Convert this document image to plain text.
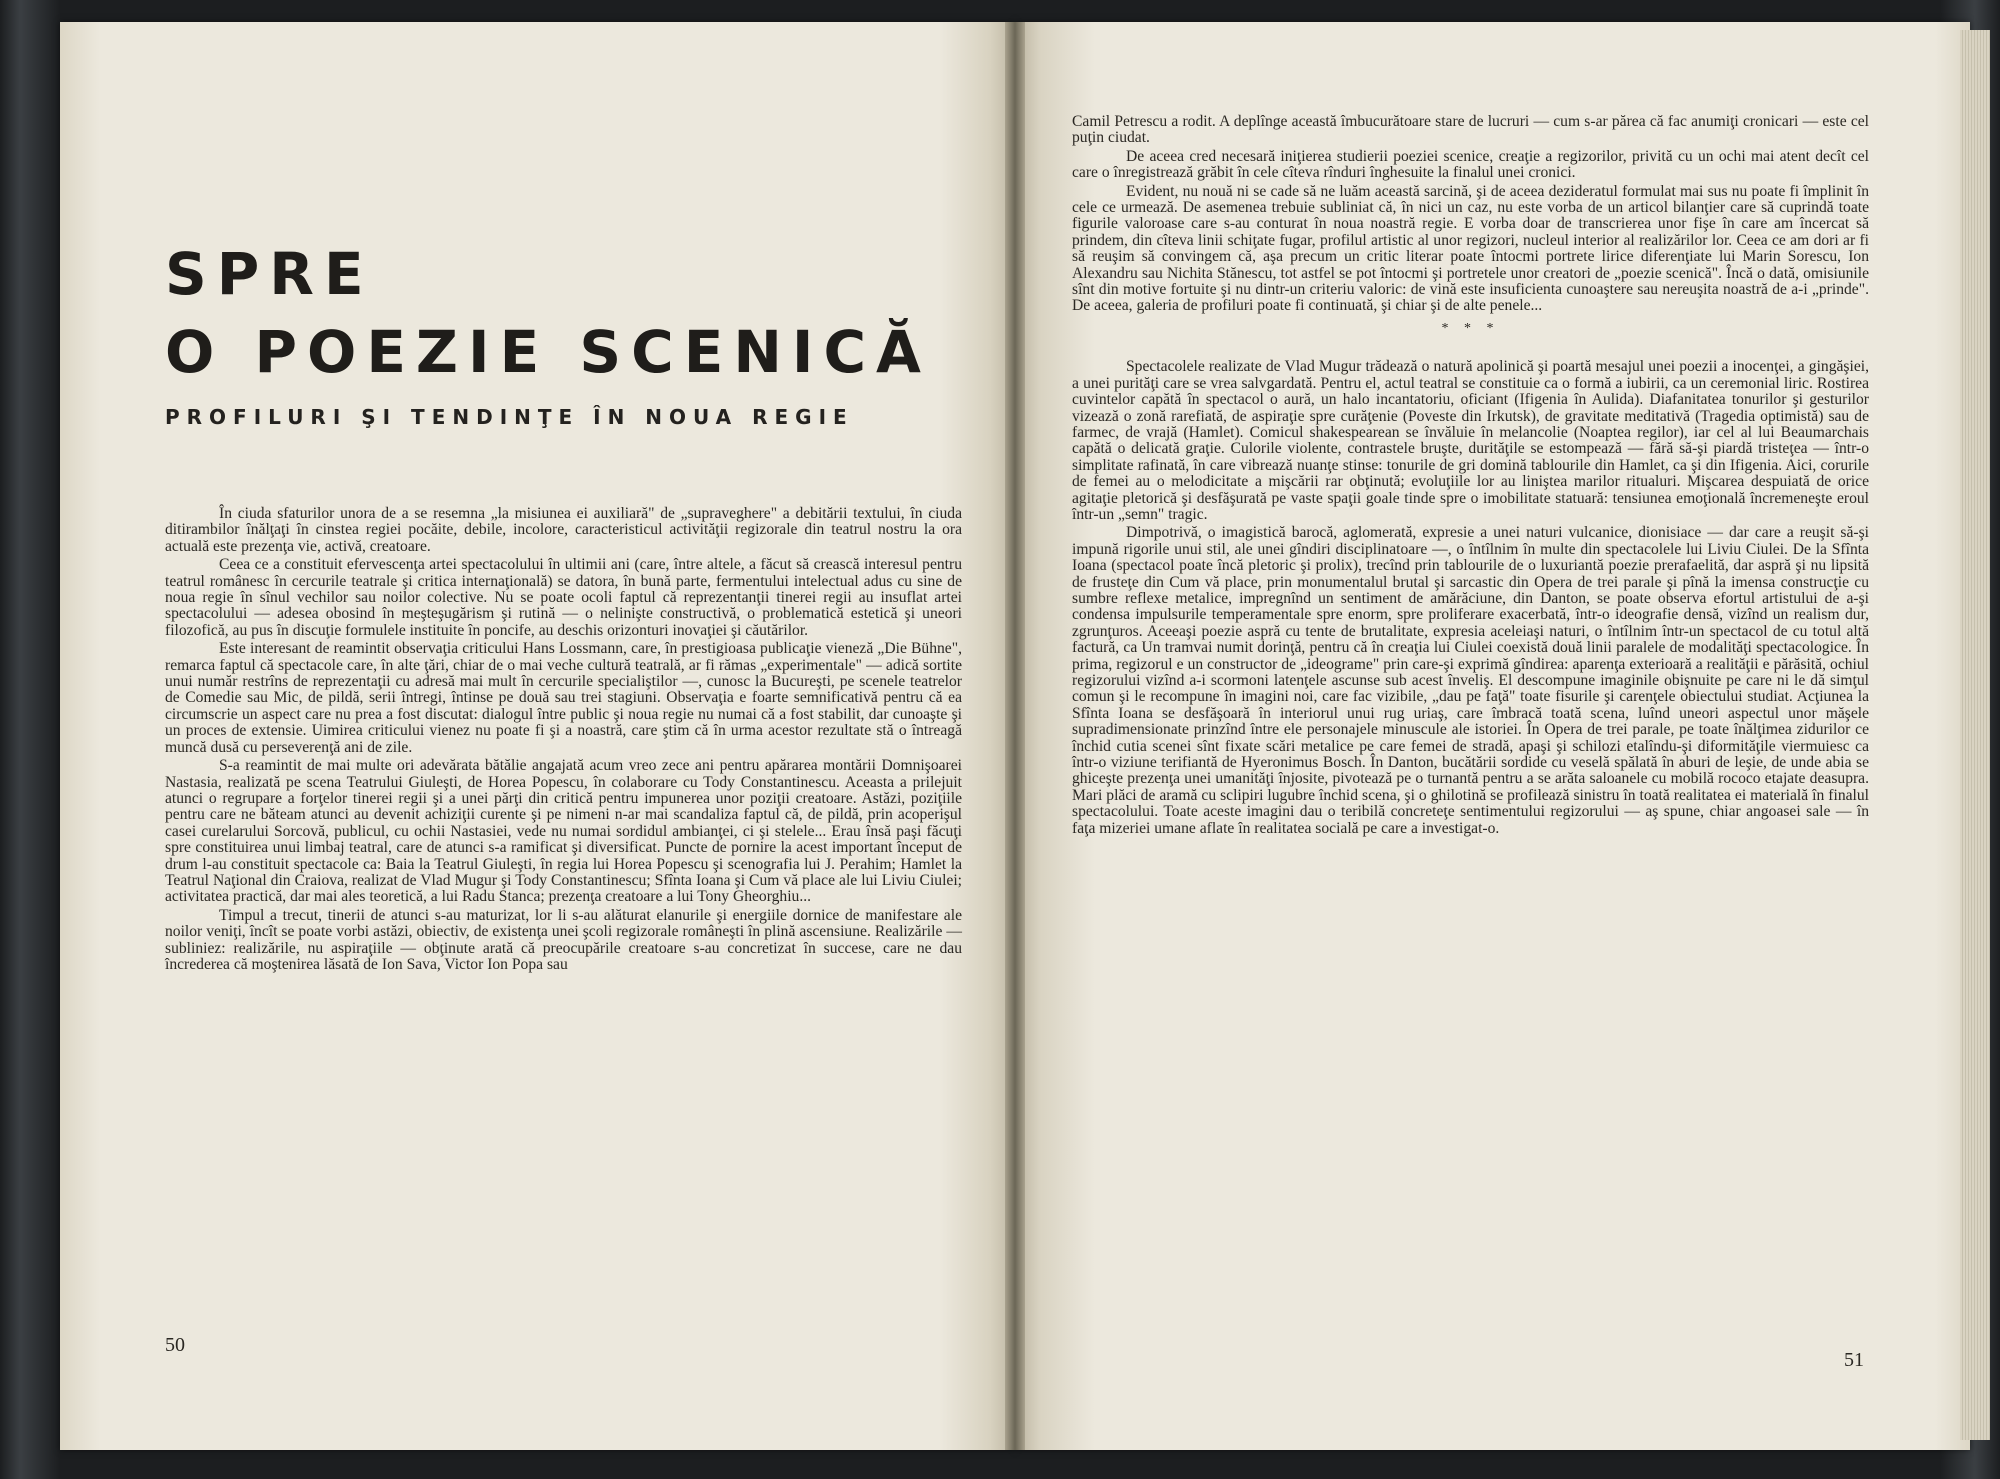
SPRE
O POEZIE SCENICĂ
PROFILURI ŞI TENDINŢE ÎN NOUA REGIE

În ciuda sfaturilor unora de a se resemna „la misiunea ei auxiliară" de „supraveghere" a debitării textului, în ciuda ditirambilor înălţaţi în cinstea regiei pocăite, debile, incolore, caracteristicul activităţii regizorale din teatrul nostru la ora actuală este prezenţa vie, activă, creatoare.

Ceea ce a constituit efervescenţa artei spectacolului în ultimii ani (care, între altele, a făcut să crească interesul pentru teatrul românesc în cercurile teatrale şi critica internaţională) se datora, în bună parte, fermentului intelectual adus cu sine de noua regie în sînul vechilor sau noilor colective. Nu se poate ocoli faptul că reprezentanţii tinerei regii au insuflat artei spectacolului — adesea obosind în meşteşugărism şi rutină — o nelinişte constructivă, o problematică estetică şi uneori filozofică, au pus în discuţie formulele instituite în poncife, au deschis orizonturi inovaţiei şi căutărilor.

Este interesant de reamintit observaţia criticului Hans Lossmann, care, în prestigioasa publicaţie vieneză „Die Bühne", remarca faptul că spectacole care, în alte ţări, chiar de o mai veche cultură teatrală, ar fi rămas „experimentale" — adică sortite unui număr restrîns de reprezentaţii cu adresă mai mult în cercurile specialiştilor —, cunosc la Bucureşti, pe scenele teatrelor de Comedie sau Mic, de pildă, serii întregi, întinse pe două sau trei stagiuni. Observaţia e foarte semnificativă pentru că ea circumscrie un aspect care nu prea a fost discutat: dialogul între public şi noua regie nu numai că a fost stabilit, dar cunoaşte şi un proces de extensie. Uimirea criticului vienez nu poate fi şi a noastră, care ştim că în urma acestor rezultate stă o întreagă muncă dusă cu perseverenţă ani de zile.

S-a reamintit de mai multe ori adevărata bătălie angajată acum vreo zece ani pentru apărarea montării Domnişoarei Nastasia, realizată pe scena Teatrului Giuleşti, de Horea Popescu, în colaborare cu Tody Constantinescu. Aceasta a prilejuit atunci o regrupare a forţelor tinerei regii şi a unei părţi din critică pentru impunerea unor poziţii creatoare. Astăzi, poziţiile pentru care ne băteam atunci au devenit achiziţii curente şi pe nimeni n-ar mai scandaliza faptul că, de pildă, prin acoperişul casei curelarului Sorcovă, publicul, cu ochii Nastasiei, vede nu numai sordidul ambianţei, ci şi stelele... Erau însă paşi făcuţi spre constituirea unui limbaj teatral, care de atunci s-a ramificat şi diversificat. Puncte de pornire la acest important început de drum l-au constituit spectacole ca: Baia la Teatrul Giuleşti, în regia lui Horea Popescu şi scenografia lui J. Perahim; Hamlet la Teatrul Naţional din Craiova, realizat de Vlad Mugur şi Tody Constantinescu; Sfînta Ioana şi Cum vă place ale lui Liviu Ciulei; activitatea practică, dar mai ales teoretică, a lui Radu Stanca; prezenţa creatoare a lui Tony Gheorghiu...

Timpul a trecut, tinerii de atunci s-au maturizat, lor li s-au alăturat elanurile şi energiile dornice de manifestare ale noilor veniţi, încît se poate vorbi astăzi, obiectiv, de existenţa unei şcoli regizorale româneşti în plină ascensiune. Realizările — subliniez: realizările, nu aspiraţiile — obţinute arată că preocupările creatoare s-au concretizat în succese, care ne dau încrederea că moştenirea lăsată de Ion Sava, Victor Ion Popa sau

50

Camil Petrescu a rodit. A deplînge această îmbucurătoare stare de lucruri — cum s-ar părea că fac anumiţi cronicari — este cel puţin ciudat.

De aceea cred necesară iniţierea studierii poeziei scenice, creaţie a regizorilor, privită cu un ochi mai atent decît cel care o înregistrează grăbit în cele cîteva rînduri înghesuite la finalul unei cronici.

Evident, nu nouă ni se cade să ne luăm această sarcină, şi de aceea dezideratul formulat mai sus nu poate fi împlinit în cele ce urmează. De asemenea trebuie subliniat că, în nici un caz, nu este vorba de un articol bilanţier care să cuprindă toate figurile valoroase care s-au conturat în noua noastră regie. E vorba doar de transcrierea unor fişe în care am încercat să prindem, din cîteva linii schiţate fugar, profilul artistic al unor regizori, nucleul interior al realizărilor lor. Ceea ce am dori ar fi să reuşim să convingem că, aşa precum un critic literar poate întocmi portrete lirice diferenţiate lui Marin Sorescu, Ion Alexandru sau Nichita Stănescu, tot astfel se pot întocmi şi portretele unor creatori de „poezie scenică". Încă o dată, omisiunile sînt din motive fortuite şi nu dintr-un criteriu valoric: de vină este insuficienta cunoaştere sau nereuşita noastră de a-i „prinde". De aceea, galeria de profiluri poate fi continuată, şi chiar şi de alte penele...

* * *

Spectacolele realizate de Vlad Mugur trădează o natură apolinică şi poartă mesajul unei poezii a inocenţei, a gingăşiei, a unei purităţi care se vrea salvgardată. Pentru el, actul teatral se constituie ca o formă a iubirii, ca un ceremonial liric. Rostirea cuvintelor capătă în spectacol o aură, un halo incantatoriu, oficiant (Ifigenia în Aulida). Diafanitatea tonurilor şi gesturilor vizează o zonă rarefiată, de aspiraţie spre curăţenie (Poveste din Irkutsk), de gravitate meditativă (Tragedia optimistă) sau de farmec, de vrajă (Hamlet). Comicul shakespearean se învăluie în melancolie (Noaptea regilor), iar cel al lui Beaumarchais capătă o delicată graţie. Culorile violente, contrastele bruşte, durităţile se estompează — fără să-şi piardă tristeţea — într-o simplitate rafinată, în care vibrează nuanţe stinse: tonurile de gri domină tablourile din Hamlet, ca şi din Ifigenia. Aici, corurile de femei au o melodicitate a mişcării rar obţinută; evoluţiile lor au liniştea marilor ritualuri. Mişcarea despuiată de orice agitaţie pletorică şi desfăşurată pe vaste spaţii goale tinde spre o imobilitate statuară: tensiunea emoţională încremeneşte eroul într-un „semn" tragic.

Dimpotrivă, o imagistică barocă, aglomerată, expresie a unei naturi vulcanice, dionisiace — dar care a reuşit să-şi impună rigorile unui stil, ale unei gîndiri disciplinatoare —, o întîlnim în multe din spectacolele lui Liviu Ciulei. De la Sfînta Ioana (spectacol poate încă pletoric şi prolix), trecînd prin tablourile de o luxuriantă poezie prerafaelită, dar aspră şi nu lipsită de frusteţe din Cum vă place, prin monumentalul brutal şi sarcastic din Opera de trei parale şi pînă la imensa construcţie cu sumbre reflexe metalice, impregnînd un sentiment de amărăciune, din Danton, se poate observa efortul artistului de a-şi condensa impulsurile temperamentale spre enorm, spre proliferare exacerbată, într-o ideografie densă, vizînd un realism dur, zgrunţuros. Aceeaşi poezie aspră cu tente de brutalitate, expresia aceleiaşi naturi, o întîlnim într-un spectacol de cu totul altă factură, ca Un tramvai numit dorinţă, pentru că în creaţia lui Ciulei coexistă două linii paralele de modalităţi spectacologice. În prima, regizorul e un constructor de „ideograme" prin care-şi exprimă gîndirea: aparenţa exterioară a realităţii e părăsită, ochiul regizorului vizînd a-i scormoni latenţele ascunse sub acest înveliş. El descompune imaginile obişnuite pe care ni le dă simţul comun şi le recompune în imagini noi, care fac vizibile, „dau pe faţă" toate fisurile şi carenţele obiectului studiat. Acţiunea la Sfînta Ioana se desfăşoară în interiorul unui rug uriaş, care îmbracă toată scena, luînd uneori aspectul unor măşele supradimensionate prinzînd între ele personajele minuscule ale istoriei. În Opera de trei parale, pe toate înălţimea zidurilor ce închid cutia scenei sînt fixate scări metalice pe care femei de stradă, apaşi şi schilozi etalîndu-şi diformităţile viermuiesc ca într-o viziune terifiantă de Hyeronimus Bosch. În Danton, bucătării sordide cu veselă spălată în aburi de leşie, de unde abia se ghiceşte prezenţa unei umanităţi înjosite, pivotează pe o turnantă pentru a se arăta saloanele cu mobilă rococo etajate deasupra. Mari plăci de aramă cu sclipiri lugubre închid scena, şi o ghilotină se profilează sinistru în toată realitatea ei materială în finalul spectacolului. Toate aceste imagini dau o teribilă concreteţe sentimentului regizorului — aş spune, chiar angoasei sale — în faţa mizeriei umane aflate în realitatea socială pe care a investigat-o.

51
